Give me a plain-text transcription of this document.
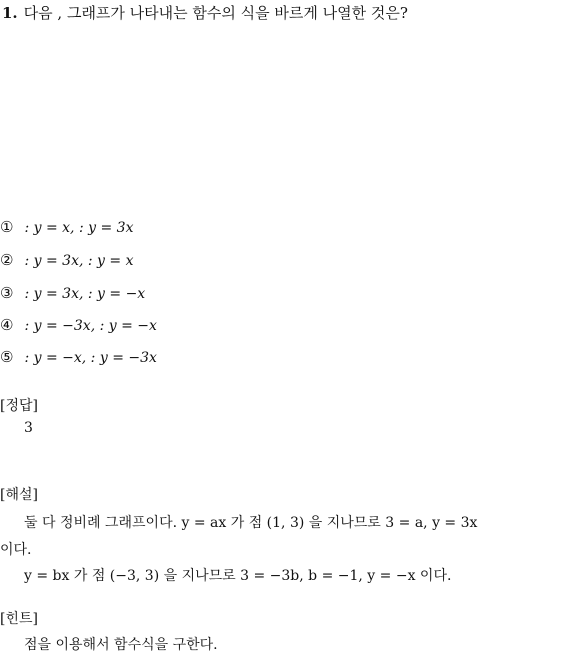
1. 다음 , 그래프가 나타내는 함수의 식을 바르게 나열한 것은?
① : y = x, : y = 3x
② : y = 3x, : y = x
③ : y = 3x, : y = −x
④ : y = −3x, : y = −x
⑤ : y = −x, : y = −3x
[정답]
3
[해설]
둘 다 정비례 그래프이다. y = ax 가 점 (1, 3) 을 지나므로 3 = a, y = 3x
이다.
y = bx 가 점 (−3, 3) 을 지나므로 3 = −3b, b = −1, y = −x 이다.
[힌트]
점을 이용해서 함수식을 구한다.
